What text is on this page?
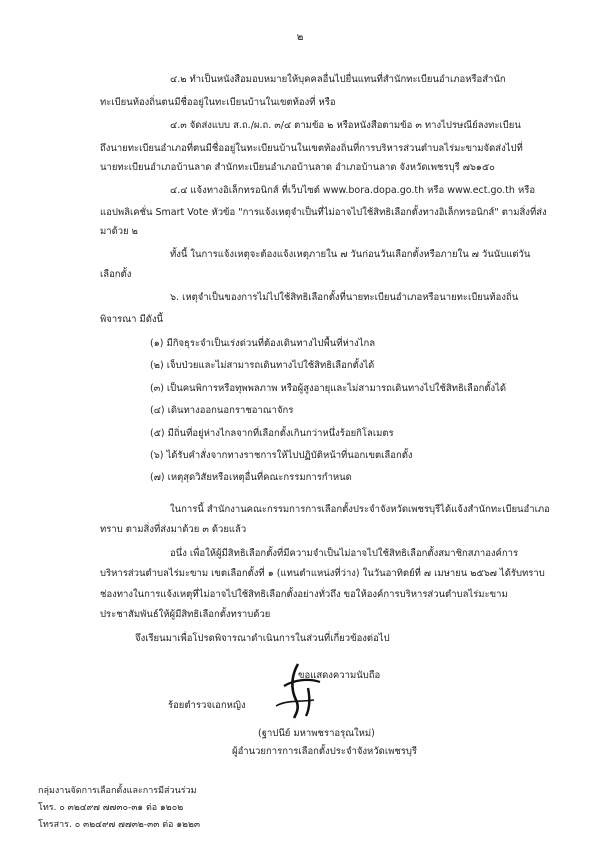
๒
๔.๒ ทำเป็นหนังสือมอบหมายให้บุคคลอื่นไปยื่นแทนที่สำนักทะเบียนอำเภอหรือสำนัก
ทะเบียนท้องถิ่นตนมีชื่ออยู่ในทะเบียนบ้านในเขตท้องที่ หรือ
๔.๓ จัดส่งแบบ ส.ถ./ผ.ถ. ๓/๔ ตามข้อ ๒ หรือหนังสือตามข้อ ๓ ทางไปรษณีย์ลงทะเบียน
ถึงนายทะเบียนอำเภอที่ตนมีชื่ออยู่ในทะเบียนบ้านในเขตท้องถิ่นที่การบริหารส่วนตำบลไร่มะขามจัดส่งไปที่
นายทะเบียนอำเภอบ้านลาด สำนักทะเบียนอำเภอบ้านลาด อำเภอบ้านลาด จังหวัดเพชรบุรี ๗๖๑๕๐
๔.๔ แจ้งทางอิเล็กทรอนิกส์ ที่เว็บไซต์ www.bora.dopa.go.th หรือ www.ect.go.th หรือ
แอปพลิเคชั่น Smart Vote หัวข้อ "การแจ้งเหตุจำเป็นที่ไม่อาจไปใช้สิทธิเลือกตั้งทางอิเล็กทรอนิกส์" ตามสิ่งที่ส่ง
มาด้วย ๒
ทั้งนี้ ในการแจ้งเหตุจะต้องแจ้งเหตุภายใน ๗ วันก่อนวันเลือกตั้งหรือภายใน ๗ วันนับแต่วัน
เลือกตั้ง
๖. เหตุจำเป็นของการไม่ไปใช้สิทธิเลือกตั้งที่นายทะเบียนอำเภอหรือนายทะเบียนท้องถิ่น
พิจารณา มีดังนี้
(๑) มีกิจธุระจำเป็นเร่งด่วนที่ต้องเดินทางไปพื้นที่ห่างไกล
(๒) เจ็บป่วยและไม่สามารถเดินทางไปใช้สิทธิเลือกตั้งได้
(๓) เป็นคนพิการหรือทุพพลภาพ หรือผู้สูงอายุและไม่สามารถเดินทางไปใช้สิทธิเลือกตั้งได้
(๔) เดินทางออกนอกราชอาณาจักร
(๕) มีถิ่นที่อยู่ห่างไกลจากที่เลือกตั้งเกินกว่าหนึ่งร้อยกิโลเมตร
(๖) ได้รับคำสั่งจากทางราชการให้ไปปฏิบัติหน้าที่นอกเขตเลือกตั้ง
(๗) เหตุสุดวิสัยหรือเหตุอื่นที่คณะกรรมการกำหนด
ในการนี้ สำนักงานคณะกรรมการการเลือกตั้งประจำจังหวัดเพชรบุรีได้แจ้งสำนักทะเบียนอำเภอ
ทราบ ตามสิ่งที่ส่งมาด้วย ๓ ด้วยแล้ว
อนึ่ง เพื่อให้ผู้มีสิทธิเลือกตั้งที่มีความจำเป็นไม่อาจไปใช้สิทธิเลือกตั้งสมาชิกสภาองค์การ
บริหารส่วนตำบลไร่มะขาม เขตเลือกตั้งที่ ๑ (แทนตำแหน่งที่ว่าง) ในวันอาทิตย์ที่ ๗ เมษายน ๒๕๖๗ ได้รับทราบ
ช่องทางในการแจ้งเหตุที่ไม่อาจไปใช้สิทธิเลือกตั้งอย่างทั่วถึง ขอให้องค์การบริหารส่วนตำบลไร่มะขาม
ประชาสัมพันธ์ให้ผู้มีสิทธิเลือกตั้งทราบด้วย
จึงเรียนมาเพื่อโปรดพิจารณาดำเนินการในส่วนที่เกี่ยวข้องต่อไป
ขอแสดงความนับถือ
ร้อยตำรวจเอกหญิง
(ฐาปนีย์ มหาพชราอรุณใหม่)
ผู้อำนวยการการเลือกตั้งประจำจังหวัดเพชรบุรี
กลุ่มงานจัดการเลือกตั้งและการมีส่วนร่วม
โทร. ๐ ๓๒๔๙๗ ๗๗๓๐-๓๑ ต่อ ๑๒๐๒
โทรสาร. ๐ ๓๒๔๙๗ ๗๗๓๒-๓๓ ต่อ ๑๒๒๓
